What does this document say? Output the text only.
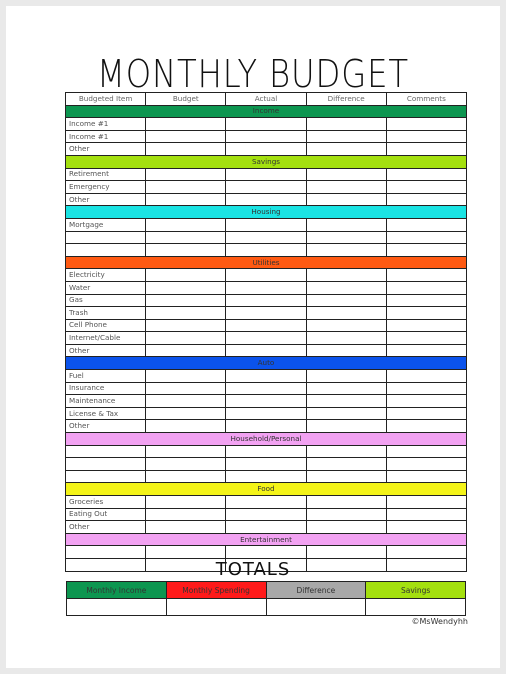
MONTHLY BUDGET
Budgeted Item	Budget	Actual	Difference	Comments
Income				
Income #1				
Income #1				
Other				
Savings				
Retirement				
Emergency				
Other				
Housing				
Mortgage				

Utilities				
Electricity				
Water				
Gas				
Trash				
Cell Phone				
Internet/Cable				
Other				
Auto				
Fuel				
Insurance				
Maintenance				
License & Tax				
Other				
Household/Personal				

Food				
Groceries				
Eating Out				
Other				
Entertainment				

TOTALS
Monthly Income	Monthly Spending	Difference	Savings

©MsWendyhh
